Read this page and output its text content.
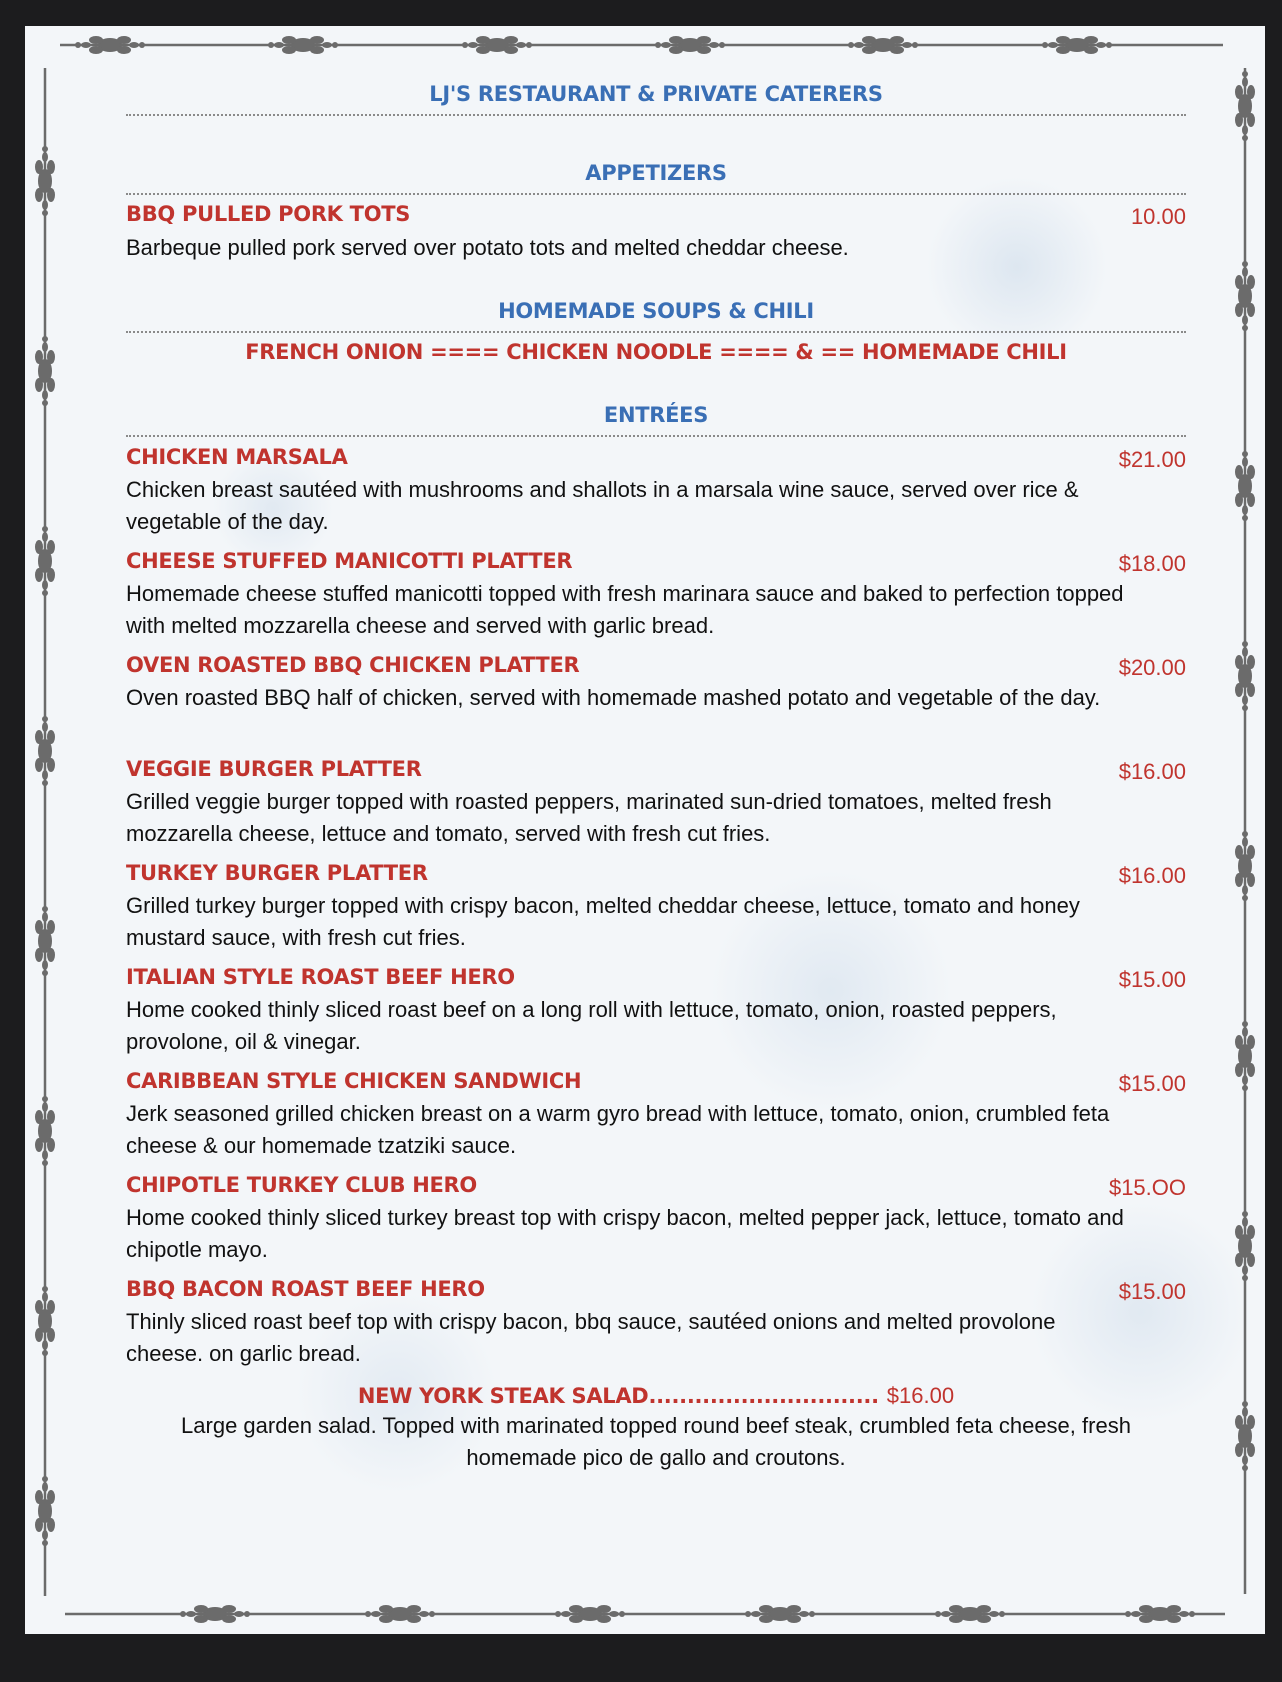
LJ'S RESTAURANT & PRIVATE CATERERS
APPETIZERS
BBQ PULLED PORK TOTS	10.00
Barbeque pulled pork served over potato tots and melted cheddar cheese.
HOMEMADE SOUPS & CHILI
FRENCH ONION ==== CHICKEN NOODLE ==== & == HOMEMADE CHILI
ENTRÉES
CHICKEN MARSALA	$21.00
Chicken breast sautéed with mushrooms and shallots in a marsala wine sauce, served over rice & vegetable of the day.
CHEESE STUFFED MANICOTTI PLATTER	$18.00
Homemade cheese stuffed manicotti topped with fresh marinara sauce and baked to perfection topped with melted mozzarella cheese and served with garlic bread.
OVEN ROASTED BBQ CHICKEN PLATTER	$20.00
Oven roasted BBQ half of chicken, served with homemade mashed potato and vegetable of the day.
VEGGIE BURGER PLATTER	$16.00
Grilled veggie burger topped with roasted peppers, marinated sun-dried tomatoes, melted fresh mozzarella cheese, lettuce and tomato, served with fresh cut fries.
TURKEY BURGER PLATTER	$16.00
Grilled turkey burger topped with crispy bacon, melted cheddar cheese, lettuce, tomato and honey mustard sauce, with fresh cut fries.
ITALIAN STYLE ROAST BEEF HERO	$15.00
Home cooked thinly sliced roast beef on a long roll with lettuce, tomato, onion, roasted peppers, provolone, oil & vinegar.
CARIBBEAN STYLE CHICKEN SANDWICH	$15.00
Jerk seasoned grilled chicken breast on a warm gyro bread with lettuce, tomato, onion, crumbled feta cheese & our homemade tzatziki sauce.
CHIPOTLE TURKEY CLUB HERO	$15.OO
Home cooked thinly sliced turkey breast top with crispy bacon, melted pepper jack, lettuce, tomato and chipotle mayo.
BBQ BACON ROAST BEEF HERO	$15.00
Thinly sliced roast beef top with crispy bacon, bbq sauce, sautéed onions and melted provolone cheese. on garlic bread.
NEW YORK STEAK SALAD.............................. $16.00
Large garden salad. Topped with marinated topped round beef steak, crumbled feta cheese, fresh homemade pico de gallo and croutons.
